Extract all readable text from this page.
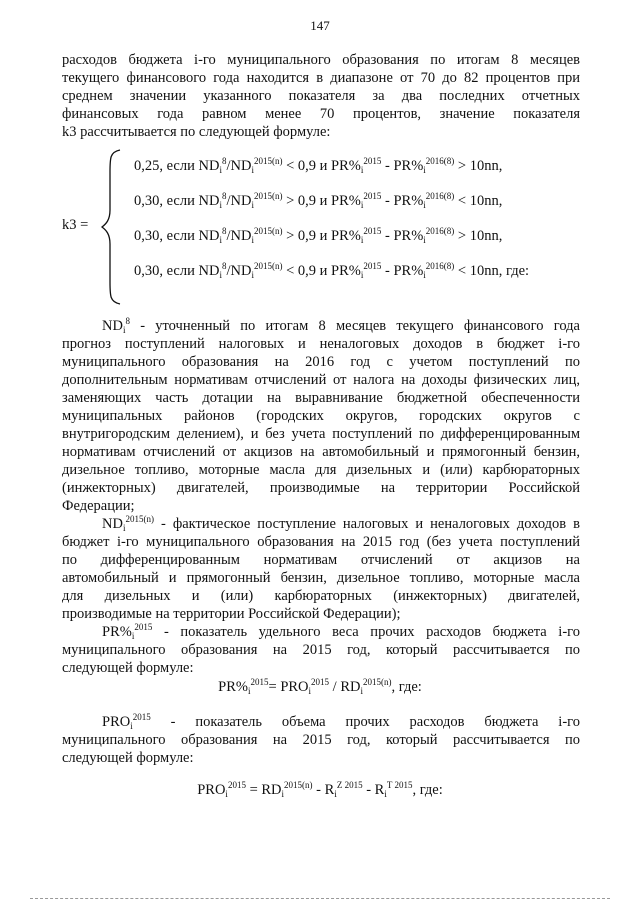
147
расходов бюджета i-го муниципального образования по итогам 8 месяцев
текущего финансового года находится в диапазоне от 70 до 82 процентов при
среднем значении указанного показателя за два последних отчетных
финансовых года равном менее 70 процентов, значение показателя
k3 рассчитывается по следующей формуле:
k3 =
0,25, если $ND_i^8/ND_i^{2015(n)} < 0,9$ и $PR\%_i^{2015} - PR\%_i^{2016(8)} > 10nn$,
0,30, если $ND_i^8/ND_i^{2015(n)} > 0,9$ и $PR\%_i^{2015} - PR\%_i^{2016(8)} < 10nn$,
0,30, если $ND_i^8/ND_i^{2015(n)} > 0,9$ и $PR\%_i^{2015} - PR\%_i^{2016(8)} > 10nn$,
0,30, если $ND_i^8/ND_i^{2015(n)} < 0,9$ и $PR\%_i^{2015} - PR\%_i^{2016(8)} < 10nn$, где:
$ND_i^8$ - уточненный по итогам 8 месяцев текущего финансового года
прогноз поступлений налоговых и неналоговых доходов в бюджет i-го
муниципального образования на 2016 год с учетом поступлений по
дополнительным нормативам отчислений от налога на доходы физических лиц,
заменяющих часть дотации на выравнивание бюджетной обеспеченности
муниципальных районов (городских округов, городских округов с
внутригородским делением), и без учета поступлений по дифференцированным
нормативам отчислений от акцизов на автомобильный и прямогонный бензин,
дизельное топливо, моторные масла для дизельных и (или) карбюраторных
(инжекторных) двигателей, производимые на территории Российской
Федерации;
$ND_i^{2015(n)}$ - фактическое поступление налоговых и неналоговых доходов в
бюджет i-го муниципального образования на 2015 год (без учета поступлений
по дифференцированным нормативам отчислений от акцизов на
автомобильный и прямогонный бензин, дизельное топливо, моторные масла
для дизельных и (или) карбюраторных (инжекторных) двигателей,
производимые на территории Российской Федерации);
$PR\%_i^{2015}$ - показатель удельного веса прочих расходов бюджета i-го
муниципального образования на 2015 год, который рассчитывается по
следующей формуле:
$PR\%_i^{2015}= PRO_i^{2015} / RD_i^{2015(n)}$, где:
$PRO_i^{2015}$ - показатель объема прочих расходов бюджета i-го
муниципального образования на 2015 год, который рассчитывается по
следующей формуле:
$PRO_i^{2015} = RD_i^{2015(n)} - R_i^{Z 2015} - R_i^{T 2015}$, где:
